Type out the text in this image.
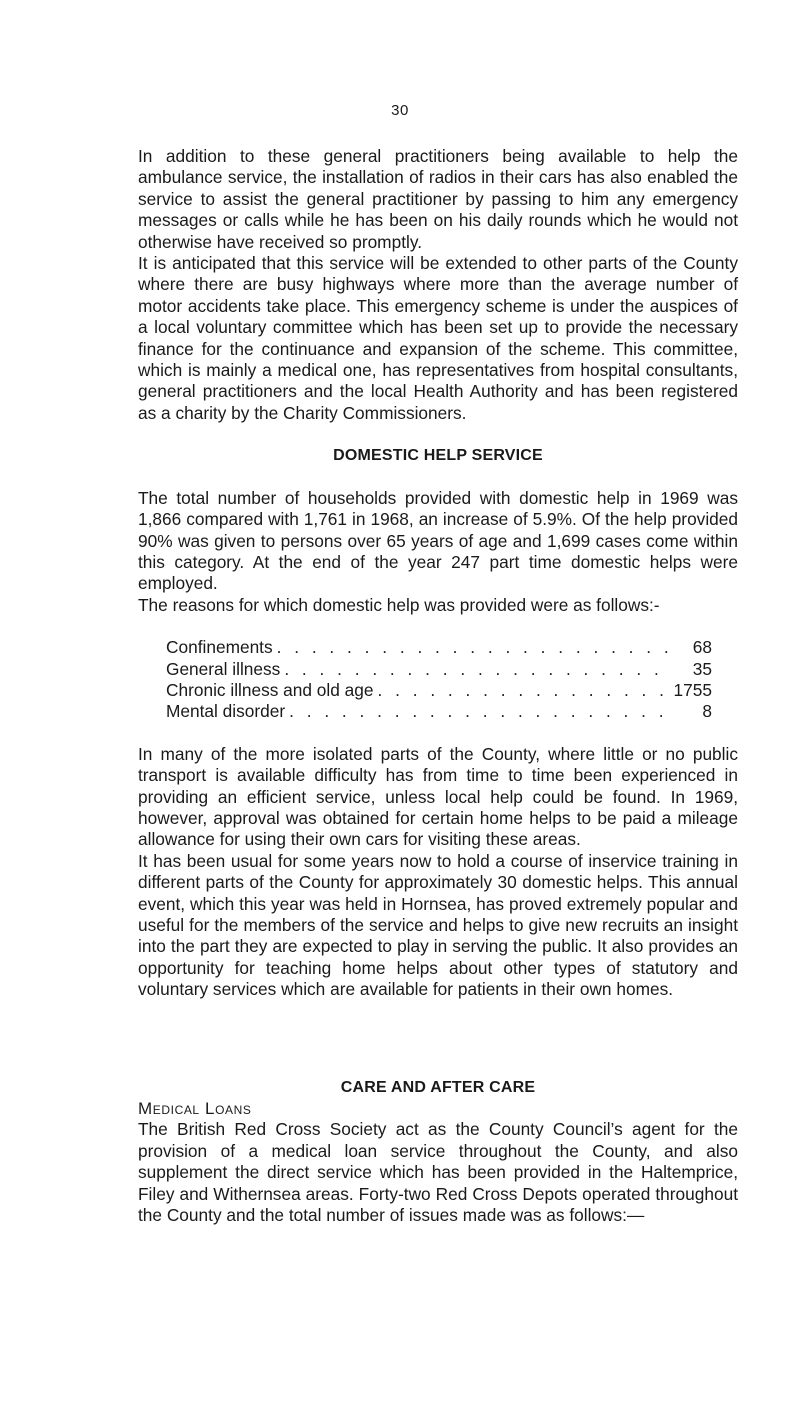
30

In addition to these general practitioners being available to help the ambulance service, the installation of radios in their cars has also enabled the service to assist the general practitioner by passing to him any emergency messages or calls while he has been on his daily rounds which he would not otherwise have received so promptly.

It is anticipated that this service will be extended to other parts of the County where there are busy highways where more than the average number of motor accidents take place. This emergency scheme is under the auspices of a local voluntary committee which has been set up to provide the necessary finance for the continuance and expansion of the scheme. This committee, which is mainly a medical one, has representatives from hospital consultants, general practitioners and the local Health Authority and has been registered as a charity by the Charity Commissioners.

DOMESTIC HELP SERVICE

The total number of households provided with domestic help in 1969 was 1,866 compared with 1,761 in 1968, an increase of 5.9%. Of the help provided 90% was given to persons over 65 years of age and 1,699 cases come within this category. At the end of the year 247 part time domestic helps were employed.

The reasons for which domestic help was provided were as follows:-

Confinements . . .	68
General illness . . .	35
Chronic illness and old age . . .	1755
Mental disorder . . .	8

In many of the more isolated parts of the County, where little or no public transport is available difficulty has from time to time been experienced in providing an efficient service, unless local help could be found. In 1969, however, approval was obtained for certain home helps to be paid a mileage allowance for using their own cars for visiting these areas.

It has been usual for some years now to hold a course of inservice training in different parts of the County for approximately 30 domestic helps. This annual event, which this year was held in Hornsea, has proved extremely popular and useful for the members of the service and helps to give new recruits an insight into the part they are expected to play in serving the public. It also provides an opportunity for teaching home helps about other types of statutory and voluntary services which are available for patients in their own homes.

CARE AND AFTER CARE

Medical Loans

The British Red Cross Society act as the County Council’s agent for the provision of a medical loan service throughout the County, and also supplement the direct service which has been provided in the Haltemprice, Filey and Withernsea areas. Forty-two Red Cross Depots operated throughout the County and the total number of issues made was as follows:—
